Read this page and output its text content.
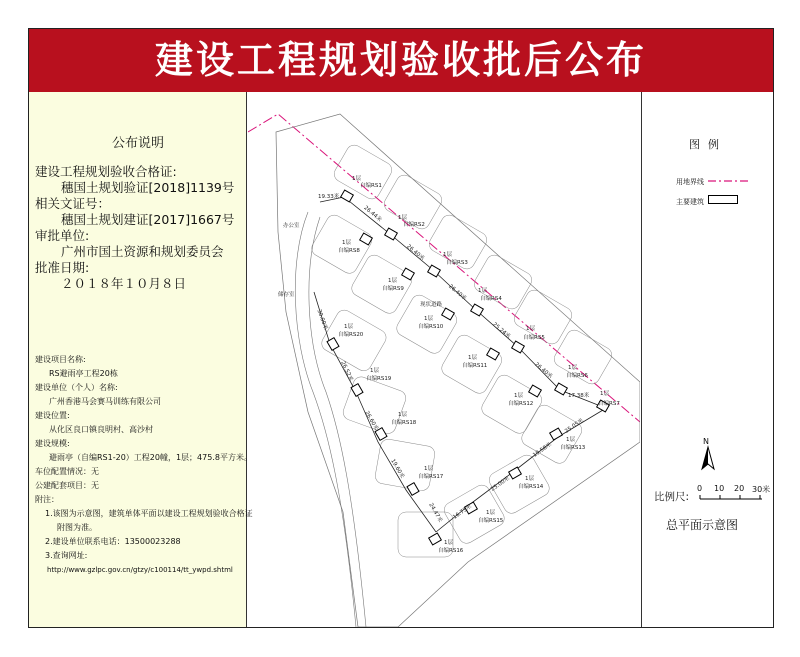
建设工程规划验收批后公布
公布说明
建设工程规划验收合格证:
穗国土规划验证[2018]1139号
相关文证号：
穗国土规划建证[2017]1667号
审批单位:
广州市国土资源和规划委员会
批准日期:
２０１８年１０月８日
建设项目名称:
RS避雨亭工程20栋
建设单位（个人）名称:
广州香港马会赛马训练有限公司
建设位置:
从化区良口镇良明村、高沙村
建设规模:
避雨亭（自编RS1-20）工程20幢，1层；475.8平方米。
车位配置情况：无
公建配套项目：无
附注：
1.该图为示意图，建筑单体平面以建设工程规划验收合格证
附图为准。
2.建设单位联系电话：13500023288
3.查询网址:
http://www.gzlpc.gov.cn/gtzy/c100114/tt_ywpd.shtml
办公室
储存室
现状道路
1层
自编RS1
1层
自编RS2
1层
自编RS3
1层
自编RS4
1层
自编RS5
1层
自编RS6
1层
自编RS7
1层
自编RS8
1层
自编RS9
1层
自编RS10
1层
自编RS11
1层
自编RS12
1层
自编RS13
1层
自编RS14
1层
自编RS15
1层
自编RS16
1层
自编RS17
1层
自编RS18
1层
自编RS19
1层
自编RS20
19.33米
26.44米
26.40米
26.40米
25.24米
26.40米
17.38米
25.05米
19.58米
25.00米
16.73米
24.47米
30.00米
26.52米
26.60米
19.60米
图例
用地界线
主要建筑
N
比例尺:
0 10 20 30米
总平面示意图
